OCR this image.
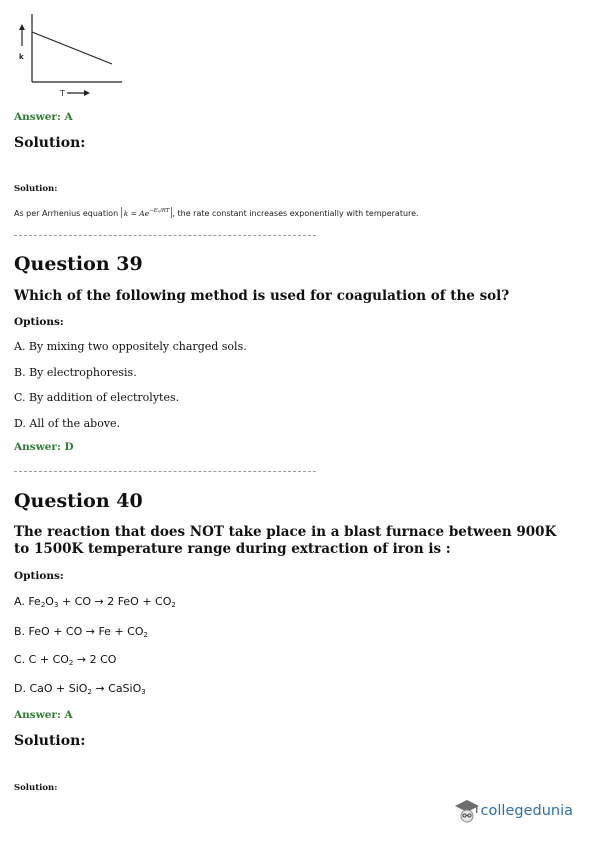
k
T
Answer: A
Solution:
Solution:
As per Arrhenius equation $k = Ae^{-E_a/RT}$ , the rate constant increases exponentially with temperature.
Question 39
Which of the following method is used for coagulation of the sol?
Options:
A. By mixing two oppositely charged sols.
B. By electrophoresis.
C. By addition of electrolytes.
D. All of the above.
Answer: D
Question 40
The reaction that does NOT take place in a blast furnace between 900K
to 1500K temperature range during extraction of iron is :
Options:
A. $Fe_2O_3$ + CO → 2 FeO + $CO_2$
B. FeO + CO → $Fe + CO_2$
C. $C + CO_2 \to 2$ CO
D. CaO + SiO$_2$ → CaSiO$_3$
Answer: A
Solution:
Solution:
collegedunia
